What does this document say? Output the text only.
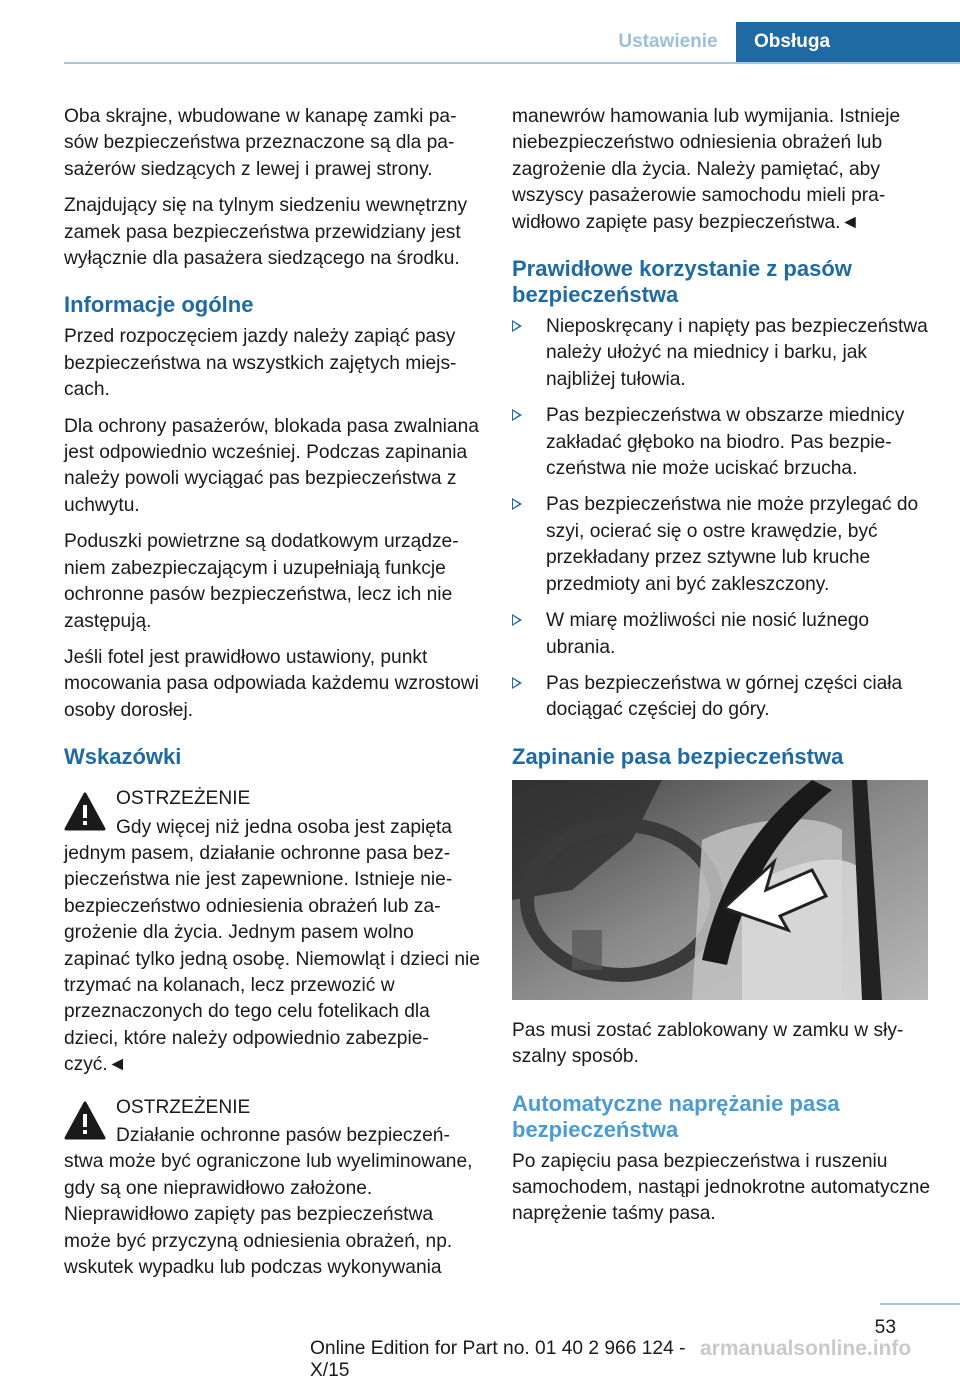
Ustawienie	Obsługa

Oba skrajne, wbudowane w kanapę zamki pasów bezpieczeństwa przeznaczone są dla pasażerów siedzących z lewej i prawej strony.

Znajdujący się na tylnym siedzeniu wewnętrzny zamek pasa bezpieczeństwa przewidziany jest wyłącznie dla pasażera siedzącego na środku.

Informacje ogólne

Przed rozpoczęciem jazdy należy zapiąć pasy bezpieczeństwa na wszystkich zajętych miejscach.

Dla ochrony pasażerów, blokada pasa zwalniana jest odpowiednio wcześniej. Podczas zapinania należy powoli wyciągać pas bezpieczeństwa z uchwytu.

Poduszki powietrzne są dodatkowym urządzeniem zabezpieczającym i uzupełniają funkcje ochronne pasów bezpieczeństwa, lecz ich nie zastępują.

Jeśli fotel jest prawidłowo ustawiony, punkt mocowania pasa odpowiada każdemu wzrostowi osoby dorosłej.

Wskazówki

OSTRZEŻENIE

Gdy więcej niż jedna osoba jest zapięta jednym pasem, działanie ochronne pasa bezpieczeństwa nie jest zapewnione. Istnieje niebezpieczeństwo odniesienia obrażeń lub zagrożenie dla życia. Jednym pasem wolno zapinać tylko jedną osobę. Niemowląt i dzieci nie trzymać na kolanach, lecz przewozić w przeznaczonych do tego celu fotelikach dla dzieci, które należy odpowiednio zabezpieczyć.◄

OSTRZEŻENIE

Działanie ochronne pasów bezpieczeństwa może być ograniczone lub wyeliminowane, gdy są one nieprawidłowo założone. Nieprawidłowo zapięty pas bezpieczeństwa może być przyczyną odniesienia obrażeń, np. wskutek wypadku lub podczas wykonywania

manewrów hamowania lub wymijania. Istnieje niebezpieczeństwo odniesienia obrażeń lub zagrożenie dla życia. Należy pamiętać, aby wszyscy pasażerowie samochodu mieli prawidłowo zapięte pasy bezpieczeństwa.◄

Prawidłowe korzystanie z pasów bezpieczeństwa
Nieposkręcany i napięty pas bezpieczeństwa należy ułożyć na miednicy i barku, jak najbliżej tułowia.
Pas bezpieczeństwa w obszarze miednicy zakładać głęboko na biodro. Pas bezpieczeństwa nie może uciskać brzucha.
Pas bezpieczeństwa nie może przylegać do szyi, ocierać się o ostre krawędzie, być przekładany przez sztywne lub kruche przedmioty ani być zakleszczony.
W miarę możliwości nie nosić luźnego ubrania.
Pas bezpieczeństwa w górnej części ciała dociągać częściej do góry.
Zapinanie pasa bezpieczeństwa

Pas musi zostać zablokowany w zamku w słyszalny sposób.

Automatyczne naprężanie pasa bezpieczeństwa

Po zapięciu pasa bezpieczeństwa i ruszeniu samochodem, nastąpi jednokrotne automatyczne naprężenie taśmy pasa.

53
Online Edition for Part no. 01 40 2 966 124 - X/15
armanualsonline.info
